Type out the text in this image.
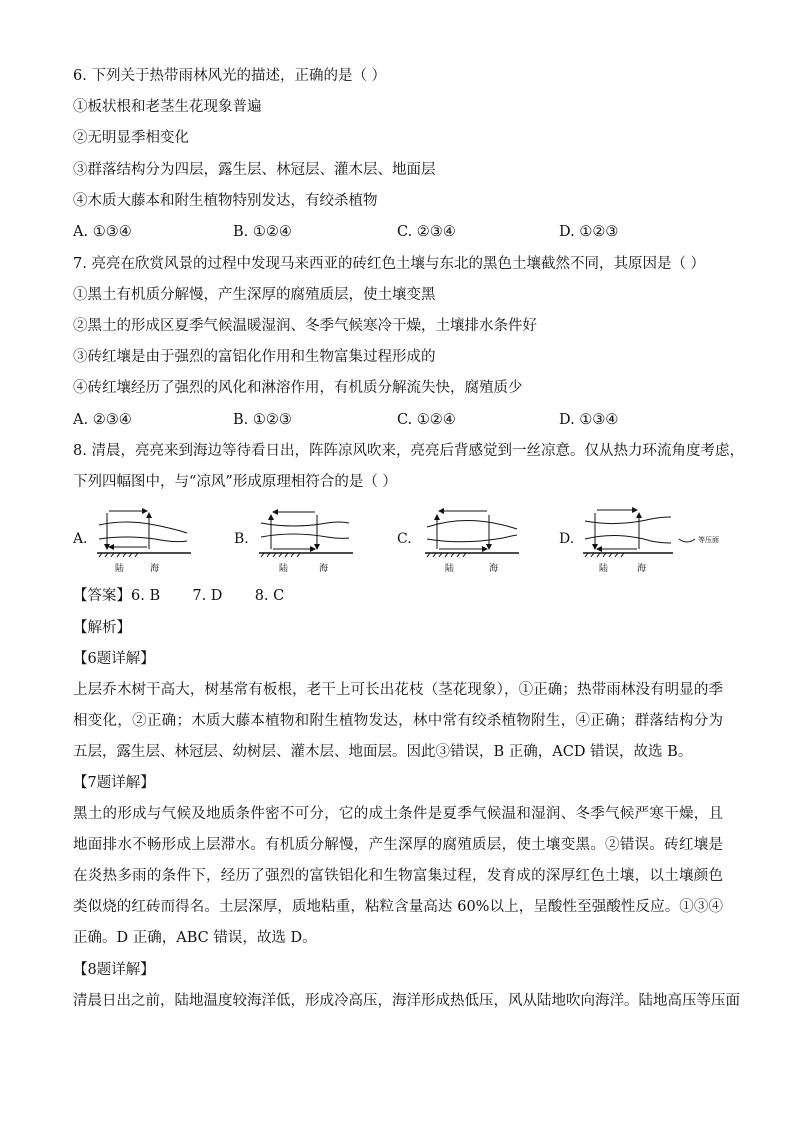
6. 下列关于热带雨林风光的描述，正确的是（ ）
①板状根和老茎生花现象普遍
②无明显季相变化
③群落结构分为四层，露生层、林冠层、灌木层、地面层
④木质大藤本和附生植物特别发达，有绞杀植物
A. ①③④	B. ①②④	C. ②③④	D. ①②③
7. 亮亮在欣赏风景的过程中发现马来西亚的砖红色土壤与东北的黑色土壤截然不同，其原因是（ ）
①黑土有机质分解慢，产生深厚的腐殖质层，使土壤变黑
②黑土的形成区夏季气候温暖湿润、冬季气候寒冷干燥，土壤排水条件好
③砖红壤是由于强烈的富铝化作用和生物富集过程形成的
④砖红壤经历了强烈的风化和淋溶作用，有机质分解流失快，腐殖质少
A. ②③④	B. ①②③	C. ①②④	D. ①③④
8. 清晨，亮亮来到海边等待看日出，阵阵凉风吹来，亮亮后背感觉到一丝凉意。仅从热力环流角度考虑，
下列四幅图中，与“凉风”形成原理相符合的是（ ）
A.
陆	海
B.
陆	海
C.
陆	海
D.
陆	海
等压面
【答案】6. B       7. D       8. C
【解析】
【6题详解】

上层乔木树干高大，树基常有板根，老干上可长出花枝（茎花现象），①正确；热带雨林没有明显的季相变化，②正确；木质大藤本植物和附生植物发达，林中常有绞杀植物附生，④正确；群落结构分为五层，露生层、林冠层、幼树层、灌木层、地面层。因此③错误，B 正确，ACD 错误，故选 B。

【7题详解】

黑土的形成与气候及地质条件密不可分，它的成土条件是夏季气候温和湿润、冬季气候严寒干燥，且地面排水不畅形成上层滞水。有机质分解慢，产生深厚的腐殖质层，使土壤变黑。②错误。砖红壤是在炎热多雨的条件下，经历了强烈的富铁铝化和生物富集过程，发育成的深厚红色土壤，以土壤颜色类似烧的红砖而得名。土层深厚，质地粘重，粘粒含量高达 60%以上，呈酸性至强酸性反应。①③④正确。D 正确，ABC 错误，故选 D。

【8题详解】
清晨日出之前，陆地温度较海洋低，形成冷高压，海洋形成热低压，风从陆地吹向海洋。陆地高压等压面
